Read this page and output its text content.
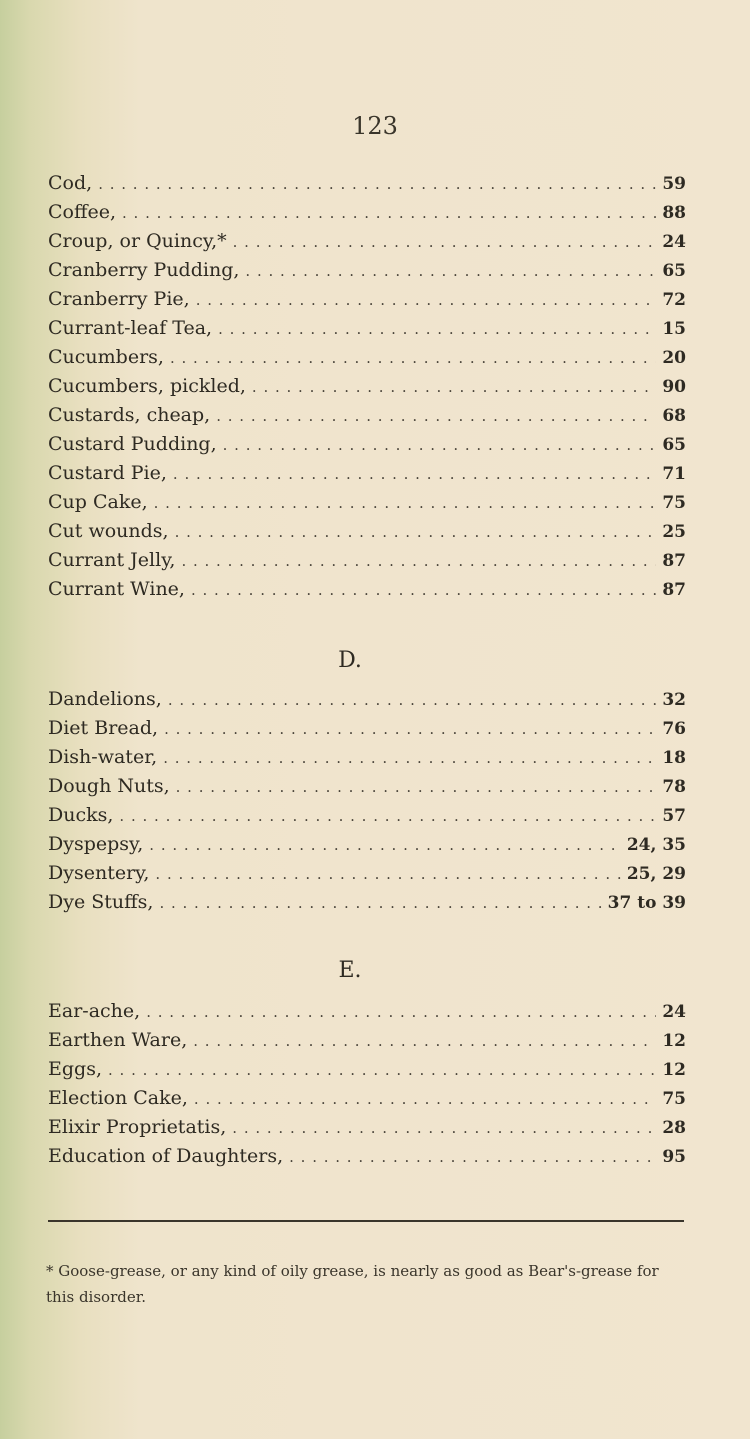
123
Cod, . . .	59
Coffee, . . .	88
Croup, or Quincy,* . . .	24
Cranberry Pudding, . . .	65
Cranberry Pie, . . .	72
Currant-leaf Tea, . . .	15
Cucumbers, . . .	20
Cucumbers, pickled, . . .	90
Custards, cheap, . . .	68
Custard Pudding, . . .	65
Custard Pie, . . .	71
Cup Cake, . . .	75
Cut wounds, . . .	25
Currant Jelly, . . .	87
Currant Wine, . . .	87
D.
Dandelions, . . .	32
Diet Bread, . . .	76
Dish-water, . . .	18
Dough Nuts, . . .	78
Ducks, . . .	57
Dyspepsy, . . .	24, 35
Dysentery, . . .	25, 29
Dye Stuffs, . . .	37 to 39
E.
Ear-ache, . . .	24
Earthen Ware, . . .	12
Eggs, . . .	12
Election Cake, . . .	75
Elixir Proprietatis, . . .	28
Education of Daughters, . . .	95
* Goose-grease, or any kind of oily grease, is nearly as good as Bear's-grease for this disorder.
